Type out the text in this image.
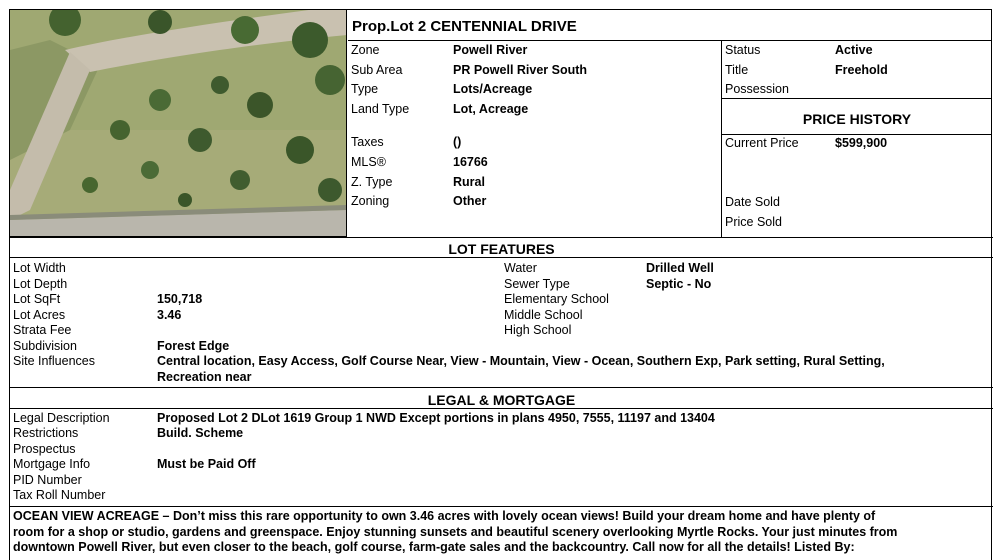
Prop.Lot 2 CENTENNIAL DRIVE
Zone	Powell River
Sub Area	PR Powell River South
Type	Lots/Acreage
Land Type	Lot, Acreage
Taxes	()
MLS®	16766
Z. Type	Rural
Zoning	Other
Status	Active
Title	Freehold
Possession
PRICE HISTORY
Current Price	$599,900
Date Sold
Price Sold
LOT FEATURES
Lot Width
Lot Depth
Lot SqFt	150,718
Lot Acres	3.46
Strata Fee
Subdivision	Forest Edge
Site Influences	Central location, Easy Access, Golf Course Near, View - Mountain, View - Ocean, Southern Exp, Park setting, Rural Setting,
Recreation near
Water	Drilled Well
Sewer Type	Septic - No
Elementary School
Middle School
High School
LEGAL & MORTGAGE
Legal Description	Proposed Lot 2 DLot 1619 Group 1 NWD Except portions in plans 4950, 7555, 11197 and 13404
Restrictions	Build. Scheme
Prospectus
Mortgage Info	Must be Paid Off
PID Number
Tax Roll Number
OCEAN VIEW ACREAGE – Don’t miss this rare opportunity to own 3.46 acres with lovely ocean views! Build your dream home and have plenty of
room for a shop or studio, gardens and greenspace. Enjoy stunning sunsets and beautiful scenery overlooking Myrtle Rocks. Your just minutes from
downtown Powell River, but even closer to the beach, golf course, farm-gate sales and the backcountry. Call now for all the details! Listed By:
